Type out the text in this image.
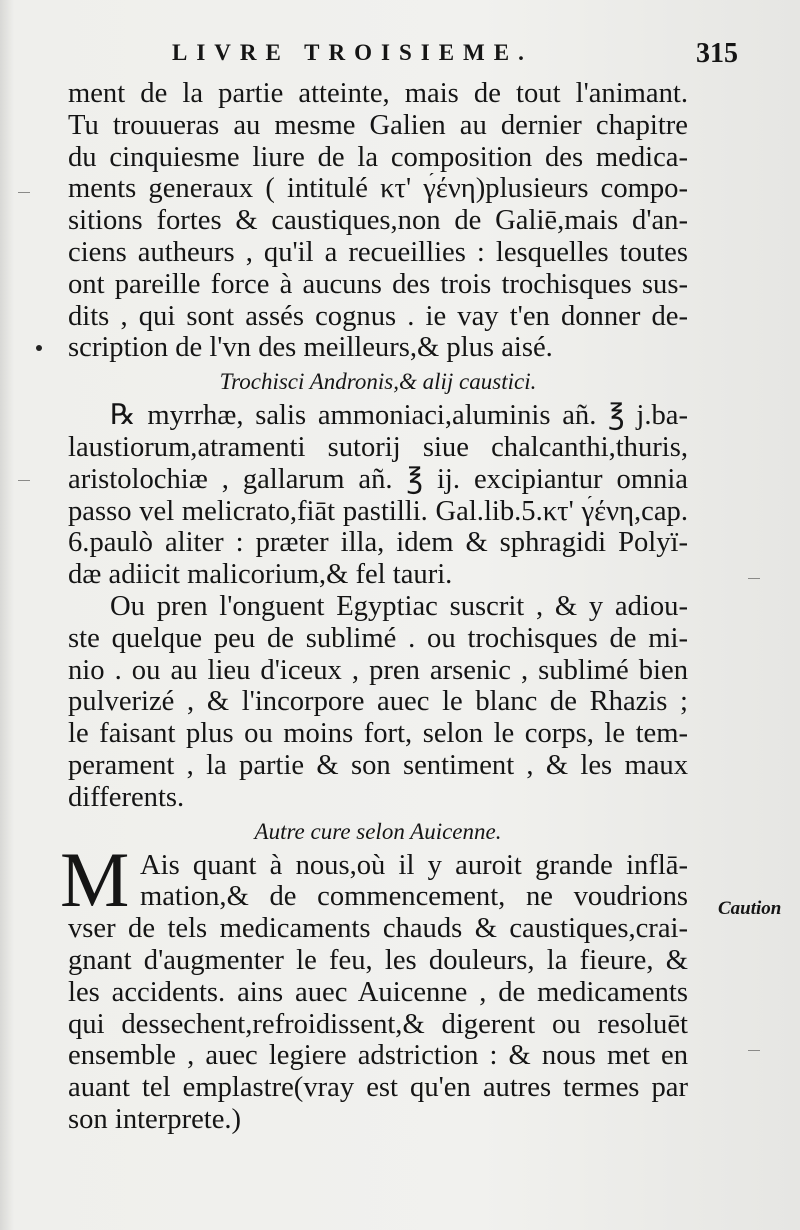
LIVRE TROISIEME.	315
ment de la partie atteinte, mais de tout l'animant.
Tu trouueras au mesme Galien au dernier chapitre
du cinquiesme liure de la composition des medica-
ments generaux ( intitulé κτ' γ́ένη)plusieurs compo-
sitions fortes & caustiques,non de Galiē,mais d'an-
ciens autheurs , qu'il a recueillies : lesquelles toutes
ont pareille force à aucuns des trois trochisques sus-
dits , qui sont assés cognus . ie vay t'en donner de-
scription de l'vn des meilleurs,& plus aisé.
Trochisci Andronis,& alij caustici.
℞ myrrhæ, salis ammoniaci,aluminis añ. ℥ j.ba-
laustiorum,atramenti sutorij siue chalcanthi,thuris,
aristolochiæ , gallarum añ. ℥ ij. excipiantur omnia
passo vel melicrato,fiāt pastilli. Gal.lib.5.κτ' γ́ένη,cap.
6.paulò aliter : præter illa, idem & sphragidi Polyï-
dæ adiicit malicorium,& fel tauri.
Ou pren l'onguent Egyptiac suscrit , & y adiou-
ste quelque peu de sublimé . ou trochisques de mi-
nio . ou au lieu d'iceux , pren arsenic , sublimé bien
pulverizé , & l'incorpore auec le blanc de Rhazis ;
le faisant plus ou moins fort, selon le corps, le tem-
perament , la partie & son sentiment , & les maux
differents.
Autre cure selon Auicenne.
M Ais quant à nous,où il y auroit grande inflā-
mation,& de commencement, ne voudrions
vser de tels medicaments chauds & caustiques,crai-
gnant d'augmenter le feu, les douleurs, la fieure, &
les accidents. ains auec Auicenne , de medicaments
qui dessechent,refroidissent,& digerent ou resoluēt
ensemble , auec legiere adstriction : & nous met en
auant tel emplastre(vray est qu'en autres termes par
son interprete.)
Caution
